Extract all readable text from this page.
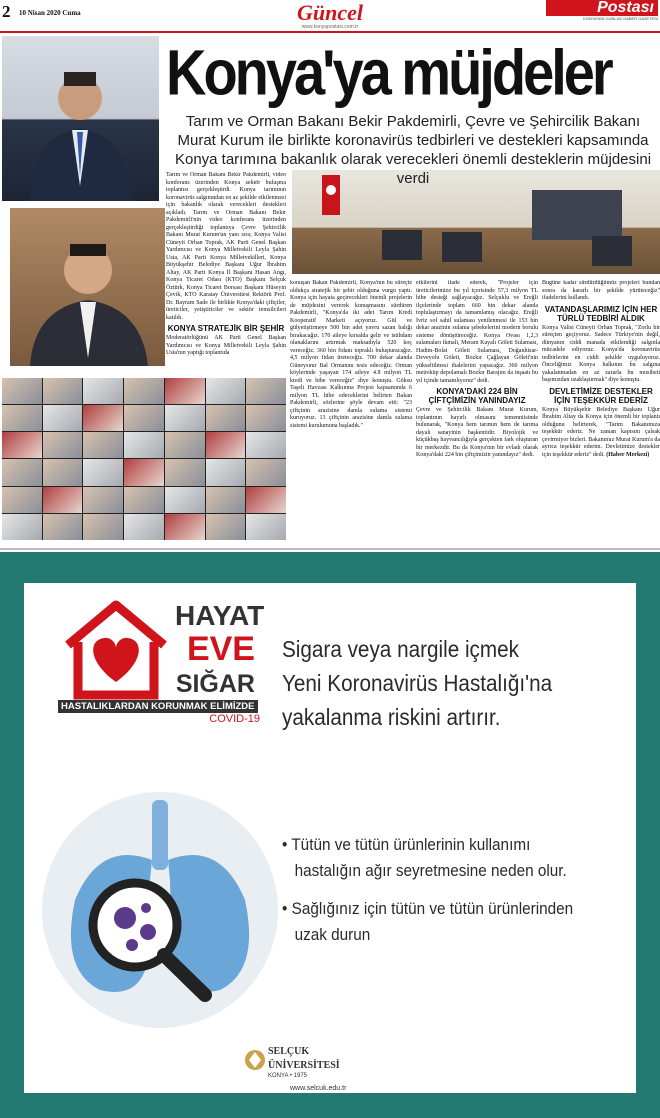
2 10 Nisan 2020 Cuma	Güncel
www.konyapostasi.com.tr
Postası
KONYA'NIN GÜNLÜK HABER GAZETESİ
Konya'ya müjdeler
Tarım ve Orman Bakanı Bekir Pakdemirli, Çevre ve Şehircilik Bakanı Murat Kurum ile birlikte koronavirüs tedbirleri ve destekleri kapsamında Konya tarımına bakanlık olarak verecekleri önemli desteklerin müjdesini verdi

Tarım ve Orman Bakanı Bekir Pakdemirli, video konferans üzerinden Konya sektör buluşma toplantısı gerçekleştirdi. Konya tarımının koronavirüs salgınından en az şekilde etkilenmesi için bakanlık olarak verecekleri destekleri açıkladı. Tarım ve Orman Bakanı Bekir Pakdemirli'nin video konferans üzerinden gerçekleştirdiği toplantıya Çevre Şehircilik Bakanı Murat Kurum'un yanı sıra; Konya Valisi Cüneyit Orhan Toprak, AK Parti Genel Başkan Yardımcısı ve Konya Milletvekili Leyla Şahin Usta, AK Parti Konya Milletvekilleri, Konya Büyükşehir Belediye Başkanı Uğur İbrahim Altay, AK Parti Konya İl Başkanı Hasan Angı, Konya Ticaret Odası (KTO) Başkanı Selçuk Öztürk, Konya Ticaret Borsası Başkanı Hüseyin Çevik, KTO Karatay Üniversitesi Rektörü Prof. Dr. Bayram Sade ile birlikte Konya'daki çiftçiler, üreticiler, yetiştiriciler ve sektör temsilcileri katıldı.

KONYA STRATEJİK BİR ŞEHİR

Moderatörlüğünü AK Parti Genel Başkan Yardımcısı ve Konya Milletvekili Leyla Şahin Usta'nın yaptığı toplantıda

konuşan Bakan Pakdemirli, Konya'nın bu süreçte oldukça stratejik bir şehir olduğuna vurgu yaptı. Konya için hayata geçirecekleri önemli projelerin de müjdesini vererek konuşmasını sürdüren Pakdemirli, "Konya'da iki adet Tarım Kredi Kooperatif Marketi açıyoruz. Gül ve gülyetiştirmeye 500 bin adet yavru sazan balığı bırakacağız. 170 aileye kırsalda gelir ve istihdam olanaklarını artırmak maksadıyla 520 koç vereceğiz. 360 bin fidanı topraklı buluşturacağız. 4,5 milyon fidan üreteceğiz. 700 dekar alanda Güneysınır Bal Ormanını tesis edeceğiz. Orman köylerinde yaşayan 174 aileye 4.8 milyon TL kredi ve hibe vereceğiz" diye konuştu. Göksu Taşeli Havzası Kalkınma Projesi kapsamında 6 milyon TL hibe edeceklerini belirten Bakan Pakdemirli, sözlerine şöyle devam etti: "23 çiftçinin arazisine damla sulama sistemi kuruyoruz. 13 çiftçinin arazisine damla sulama sistemi kurulumuna başladık."

etkilerini ifade ederek, "Projeler için üreticilerimize bu yıl içerisinde 57,3 milyon TL hibe desteği sağlayacağız. Selçuklu ve Ereğli ilçelerinde toplam 660 bin dekar alanda toplulaştırmayı da tamamlamış olacağız. Ereğli İvriz sol sahil sulaması yenilenmesi ile 153 bin dekar arazinin sulama şebekelerini modern borulu sisteme dönüştüreceğiz. Konya Ovası 1,2,3 sulamaları ikmali, Meram Kayalı Göleti Sulaması, Hadim-Bolat Göleti Sulaması, Doğanhisar-Deveyolu Göleti, Bozkır Çağlayan Göleti'nin yükseltilmesi ihalelerini yapacağız. 360 milyon metreküp depolamalı Bozkır Barajını da inşaatı bu yıl içinde tamamlıyoruz" dedi.

KONYA'DAKİ 224 BİN ÇİFTÇİMİZİN YANINDAYIZ

Çevre ve Şehircilik Bakanı Murat Kurum, toplantının hayırlı olmasını temenniisinde bulunarak, "Konya hem tarımın hem de tarıma dayalı sanayinin başkentidir. Biyolojik ve küçükbaş hayvancılığıyla gerçekten fark oluşturan bir merkezdir. Bu da Konya'nın bir evladı olarak Konya'daki 224 bin çiftçimizin yanındayız" dedi.

Bugüne kadar sürdürdüğümüz projeleri bundan sonra da kararlı bir şekilde yürüteceğiz" ifadelerini kullandı.

VATANDAŞLARIMIZ İÇİN HER TÜRLÜ TEDBİRİ ALDIK

Konya Valisi Cüneyit Orhan Toprak, "Zorlu bir süreçten geçiyoruz. Sadece Türkiye'nin değil, dünyanın ciddi manada etkilendiği salgınla mücadele ediyoruz. Konya'da koronavirüs tedbirlerini en ciddi şekilde uyguluyoruz. Önceliğimiz Konya halkının bu salgına yakalanmadan en az zararla bu musibeti başımızdan uzaklaştırmak" diye konuştu.

DEVLETİMİZE DESTEKLER İÇİN TEŞEKKÜR EDERİZ

Konya Büyükşehir Belediye Başkanı Uğur İbrahim Altay da Konya için önemli bir toplantı olduğunu belirterek, "Tarım Bakanımıza teşekkür ederiz. Ne zaman kapısını çalsak çevirmiyor bizleri. Bakanımız Murat Kurum'a da ayrıca teşekkür ederim. Devletimize destekler için teşekkür ederiz" dedi. (Haber Merkezi)

HAYAT
EVE
SIĞAR
HASTALIKLARDAN KORUNMAK ELİMİZDE
COVID-19
Sigara veya nargile içmek
Yeni Koronavirüs Hastalığı'na
yakalanma riskini artırır.
• Tütün ve tütün ürünlerinin kullanımı
hastalığın ağır seyretmesine neden olur.
• Sağlığınız için tütün ve tütün ürünlerinden
uzak durun
SELÇUK
ÜNİVERSİTESİ
KONYA • 1975
www.selcuk.edu.tr
